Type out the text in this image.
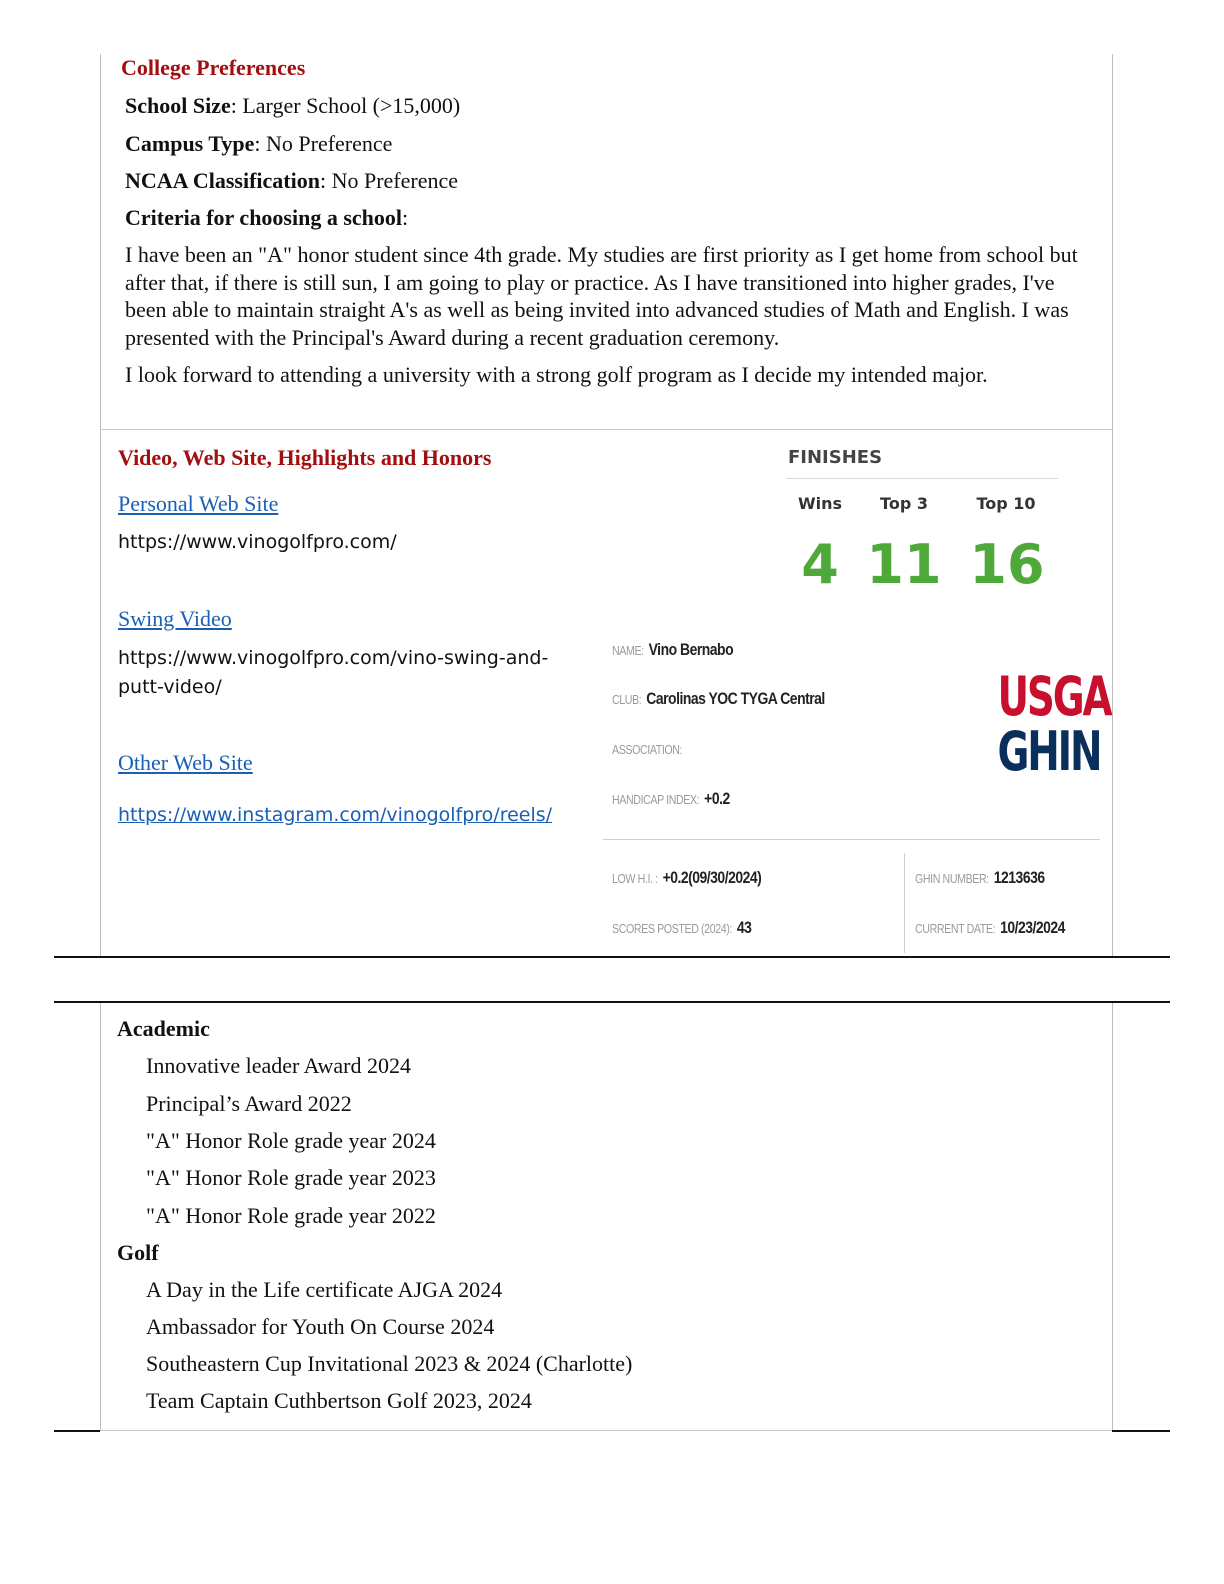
College Preferences
School Size: Larger School (>15,000)
Campus Type: No Preference
NCAA Classification: No Preference
Criteria for choosing a school:
I have been an "A" honor student since 4th grade. My studies are first priority as I get home from school but after that, if there is still sun, I am going to play or practice. As I have transitioned into higher grades, I've been able to maintain straight A's as well as being invited into advanced studies of Math and English. I was presented with the Principal's Award during a recent graduation ceremony.
I look forward to attending a university with a strong golf program as I decide my intended major.
Video, Web Site, Highlights and Honors
Personal Web Site
https://www.vinogolfpro.com/
Swing Video
https://www.vinogolfpro.com/vino-swing-and-putt-video/
Other Web Site
https://www.instagram.com/vinogolfpro/reels/
FINISHES
Wins	Top 3	Top 10
4 11 16
NAME: Vino Bernabo
CLUB: Carolinas YOC TYGA Central
ASSOCIATION:
HANDICAP INDEX: +0.2
USGA
GHIN
LOW H.I. : +0.2(09/30/2024)
SCORES POSTED (2024): 43
GHIN NUMBER: 1213636
CURRENT DATE: 10/23/2024
Academic
Innovative leader Award 2024
Principal’s Award 2022
"A" Honor Role grade year 2024
"A" Honor Role grade year 2023
"A" Honor Role grade year 2022
Golf
A Day in the Life certificate AJGA 2024
Ambassador for Youth On Course 2024
Southeastern Cup Invitational 2023 & 2024 (Charlotte)
Team Captain Cuthbertson Golf 2023, 2024
